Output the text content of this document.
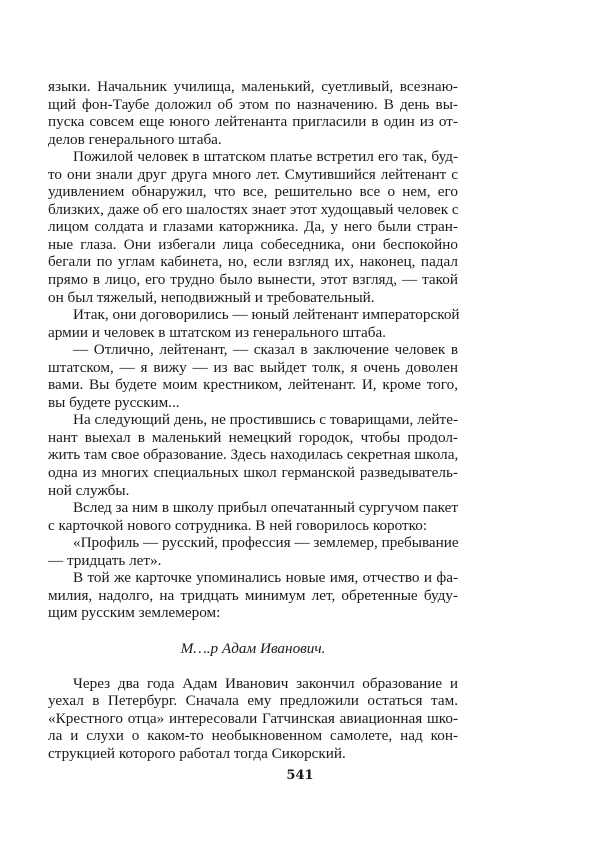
языки. Начальник училища, маленький, суетливый, всезнаю-
щий фон-Таубе доложил об этом по назначению. В день вы-
пуска совсем еще юного лейтенанта пригласили в один из от-
делов генерального штаба.
Пожилой человек в штатском платье встретил его так, буд-
то они знали друг друга много лет. Смутившийся лейтенант с
удивлением обнаружил, что все, решительно все о нем, его
близких, даже об его шалостях знает этот худощавый человек с
лицом солдата и глазами каторжника. Да, у него были стран-
ные глаза. Они избегали лица собеседника, они беспокойно
бегали по углам кабинета, но, если взгляд их, наконец, падал
прямо в лицо, его трудно было вынести, этот взгляд, — такой
он был тяжелый, неподвижный и требовательный.
Итак, они договорились — юный лейтенант императорской
армии и человек в штатском из генерального штаба.
— Отлично, лейтенант, — сказал в заключение человек в
штатском, — я вижу — из вас выйдет толк, я очень доволен
вами. Вы будете моим крестником, лейтенант. И, кроме того,
вы будете русским...
На следующий день, не простившись с товарищами, лейте-
нант выехал в маленький немецкий городок, чтобы продол-
жить там свое образование. Здесь находилась секретная школа,
одна из многих специальных школ германской разведыватель-
ной службы.
Вслед за ним в школу прибыл опечатанный сургучом пакет
с карточкой нового сотрудника. В ней говорилось коротко:
«Профиль — русский, профессия — землемер, пребывание
— тридцать лет».
В той же карточке упоминались новые имя, отчество и фа-
милия, надолго, на тридцать минимум лет, обретенные буду-
щим русским землемером:
М….р Адам Иванович.
Через два года Адам Иванович закончил образование и
уехал в Петербург. Сначала ему предложили остаться там.
«Крестного отца» интересовали Гатчинская авиационная шко-
ла и слухи о каком-то необыкновенном самолете, над кон-
струкцией которого работал тогда Сикорский.
541
